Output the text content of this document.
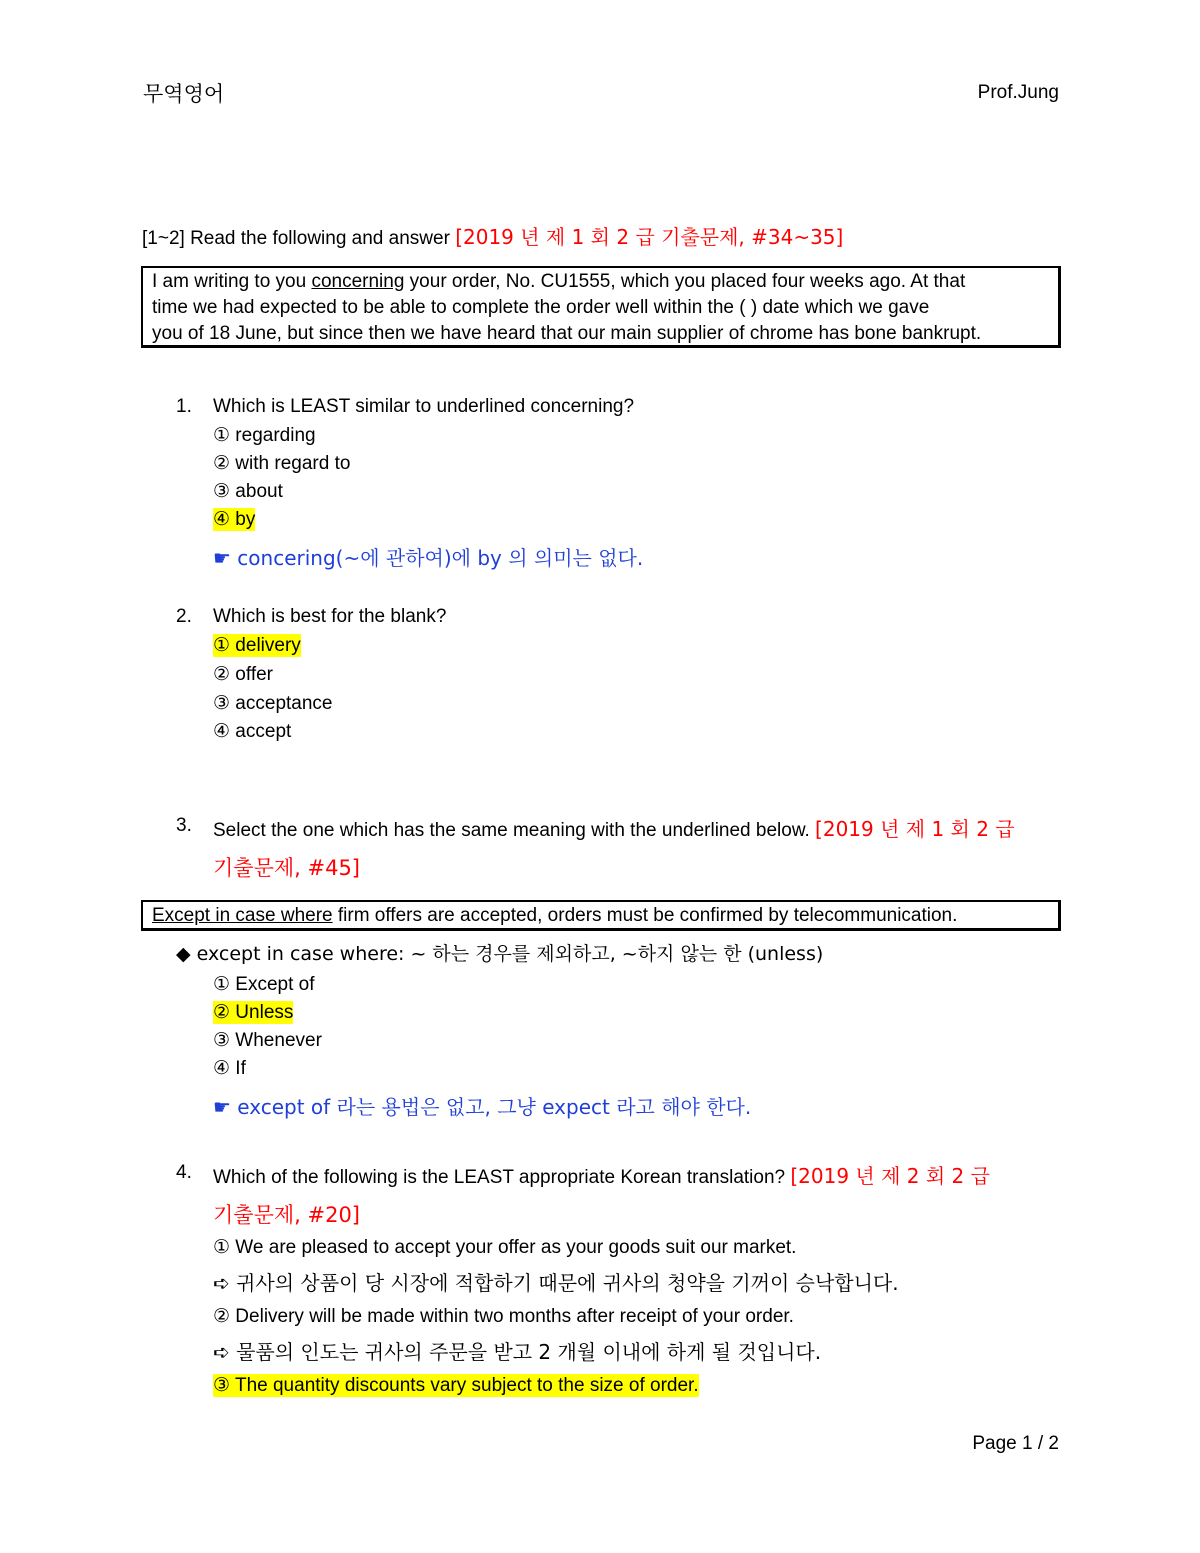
무역영어	Prof.Jung
[1~2] Read the following and answer [2019 년 제 1 회 2 급 기출문제, #34~35]
I am writing to you concerning your order, No. CU1555, which you placed four weeks ago. At that
time we had expected to be able to complete the order well within the ( ) date which we gave
you of 18 June, but since then we have heard that our main supplier of chrome has bone bankrupt.
1. Which is LEAST similar to underlined concerning?
① regarding
② with regard to
③ about
④ by
☛ concering(~에 관하여)에 by 의 의미는 없다.
2. Which is best for the blank?
① delivery
② offer
③ acceptance
④ accept
3. Select the one which has the same meaning with the underlined below. [2019 년 제 1 회 2 급
기출문제, #45]
Except in case where firm offers are accepted, orders must be confirmed by telecommunication.
◆ except in case where: ~ 하는 경우를 제외하고, ~하지 않는 한 (unless)
① Except of
② Unless
③ Whenever
④ If
☛ except of 라는 용법은 없고, 그냥 expect 라고 해야 한다.
4. Which of the following is the LEAST appropriate Korean translation? [2019 년 제 2 회 2 급
기출문제, #20]
① We are pleased to accept your offer as your goods suit our market.
➪ 귀사의 상품이 당 시장에 적합하기 때문에 귀사의 청약을 기꺼이 승낙합니다.
② Delivery will be made within two months after receipt of your order.
➪ 물품의 인도는 귀사의 주문을 받고 2 개월 이내에 하게 될 것입니다.
③ The quantity discounts vary subject to the size of order.
Page 1 / 2
